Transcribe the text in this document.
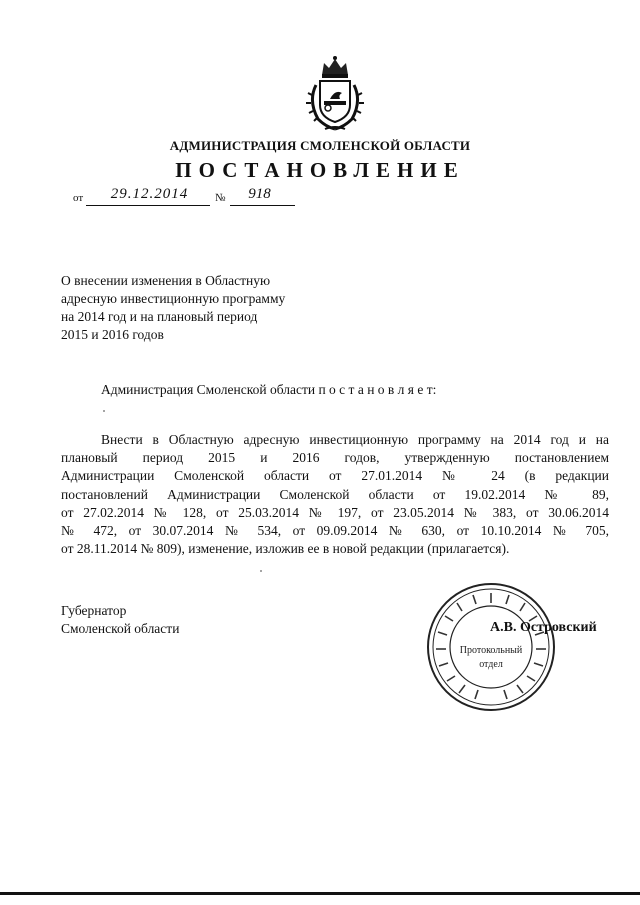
АДМИНИСТРАЦИЯ СМОЛЕНСКОЙ ОБЛАСТИ
ПОСТАНОВЛЕНИЕ
от	29.12.2014	№	918
О внесении изменения в Областную
адресную инвестиционную программу
на 2014 год и на плановый период
2015 и 2016 годов
Администрация Смоленской области п о с т а н о в л я е т:
Внести в Областную адресную инвестиционную программу на 2014 год и на
плановый период 2015 и 2016 годов, утвержденную постановлением
Администрации Смоленской области от 27.01.2014 № 24 (в редакции
постановлений Администрации Смоленской области от 19.02.2014 № 89,
от 27.02.2014 № 128, от 25.03.2014 № 197, от 23.05.2014 № 383, от 30.06.2014
№ 472, от 30.07.2014 № 534, от 09.09.2014 № 630, от 10.10.2014 № 705,
от 28.11.2014 № 809), изменение, изложив ее в новой редакции (прилагается).
Губернатор
Смоленской области
Протокольный
отдел
А.В. Островский
